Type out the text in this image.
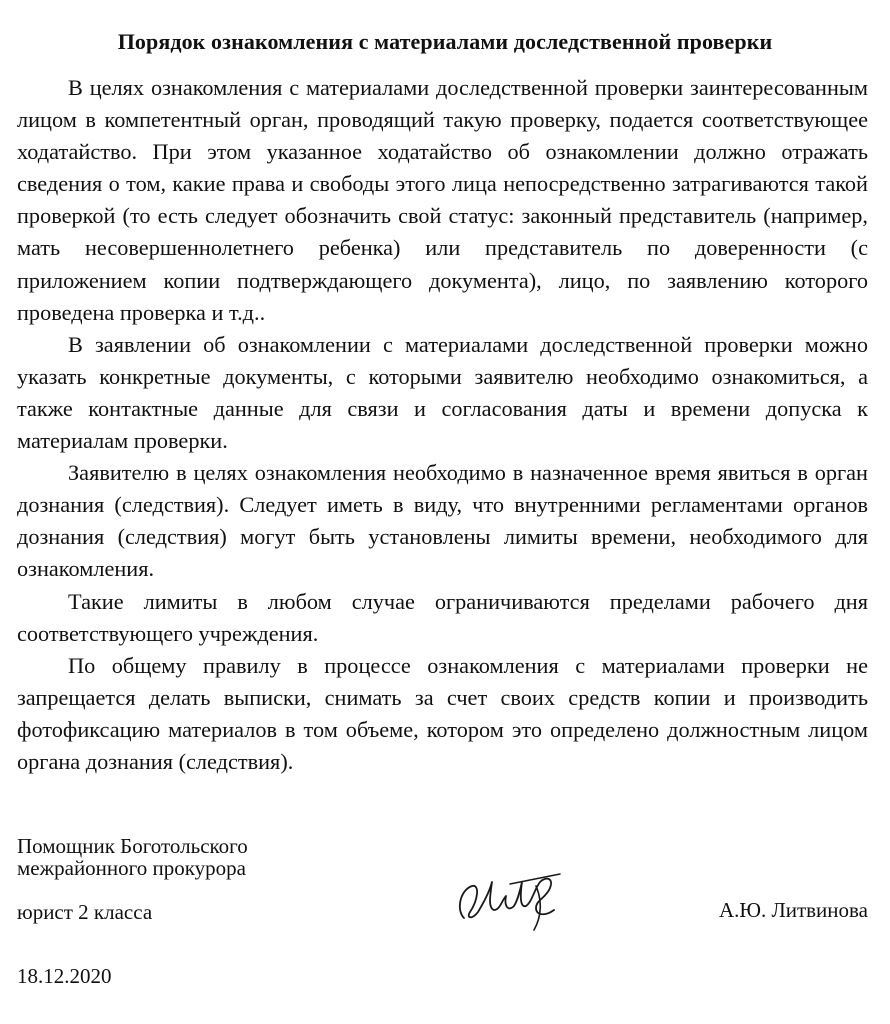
Порядок ознакомления с материалами доследственной проверки

В целях ознакомления с материалами доследственной проверки заинтересованным лицом в компетентный орган, проводящий такую проверку, подается соответствующее ходатайство. При этом указанное ходатайство об ознакомлении должно отражать сведения о том, какие права и свободы этого лица непосредственно затрагиваются такой проверкой (то есть следует обозначить свой статус: законный представитель (например, мать несовершеннолетнего ребенка) или представитель по доверенности (с приложением копии подтверждающего документа), лицо, по заявлению которого проведена проверка и т.д..

В заявлении об ознакомлении с материалами доследственной проверки можно указать конкретные документы, с которыми заявителю необходимо ознакомиться, а также контактные данные для связи и согласования даты и времени допуска к материалам проверки.

Заявителю в целях ознакомления необходимо в назначенное время явиться в орган дознания (следствия). Следует иметь в виду, что внутренними регламентами органов дознания (следствия) могут быть установлены лимиты времени, необходимого для ознакомления.

Такие лимиты в любом случае ограничиваются пределами рабочего дня соответствующего учреждения.

По общему правилу в процессе ознакомления с материалами проверки не запрещается делать выписки, снимать за счет своих средств копии и производить фотофиксацию материалов в том объеме, котором это определено должностным лицом органа дознания (следствия).

Помощник Боготольского
межрайонного прокурора
юрист 2 класса	А.Ю. Литвинова
18.12.2020
